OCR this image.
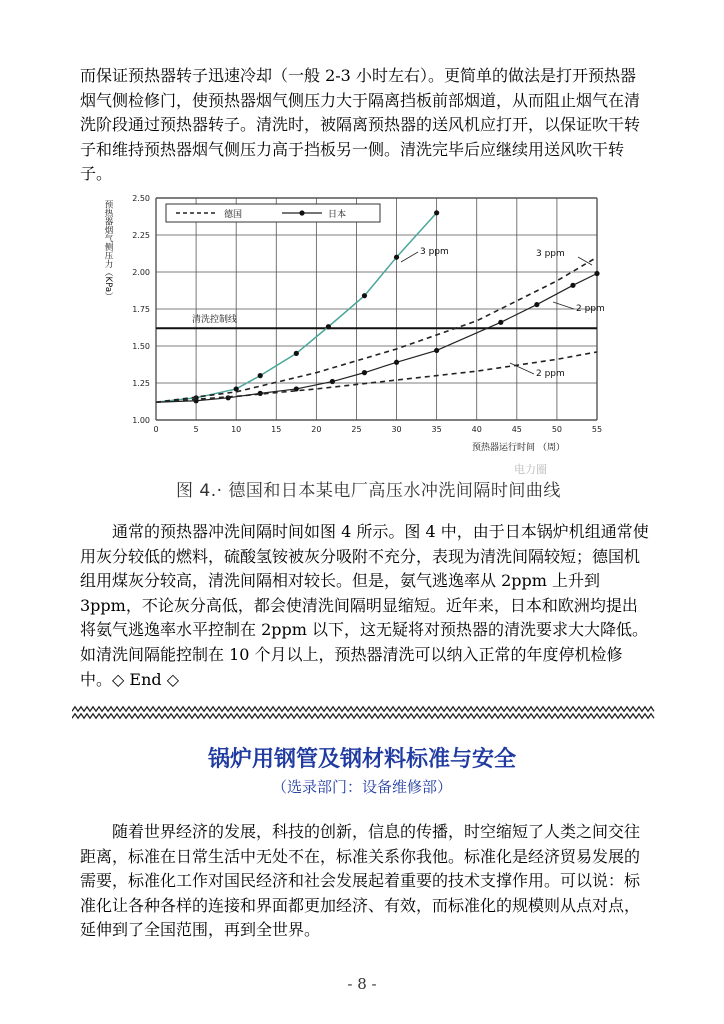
而保证预热器转子迅速冷却（一般 2-3 小时左右）。更简单的做法是打开预热器烟气侧检修门，使预热器烟气侧压力大于隔离挡板前部烟道，从而阻止烟气在清洗阶段通过预热器转子。清洗时，被隔离预热器的送风机应打开，以保证吹干转子和维持预热器烟气侧压力高于挡板另一侧。清洗完毕后应继续用送风吹干转子。

0	5	10	15	20	25	30	35	40	45	50	55
1.00
1.25
1.50
1.75
2.00
2.25
2.50
清洗控制线
3 ppm
2 ppm
3 ppm
2 ppm
德国	日本
预热器烟气侧压力（KPa）
预热器运行时间 （周）
电力圈
图 4.· 德国和日本某电厂高压水冲洗间隔时间曲线

通常的预热器冲洗间隔时间如图 4 所示。图 4 中，由于日本锅炉机组通常使用灰分较低的燃料，硫酸氢铵被灰分吸附不充分，表现为清洗间隔较短；德国机组用煤灰分较高，清洗间隔相对较长。但是，氨气逃逸率从 2ppm 上升到 3ppm，不论灰分高低，都会使清洗间隔明显缩短。近年来，日本和欧洲均提出将氨气逃逸率水平控制在 2ppm 以下，这无疑将对预热器的清洗要求大大降低。如清洗间隔能控制在 10 个月以上，预热器清洗可以纳入正常的年度停机检修中。◇ End ◇

锅炉用钢管及钢材料标准与安全
（选录部门：设备维修部）

随着世界经济的发展，科技的创新，信息的传播，时空缩短了人类之间交往距离，标准在日常生活中无处不在，标准关系你我他。标准化是经济贸易发展的需要，标准化工作对国民经济和社会发展起着重要的技术支撑作用。可以说：标准化让各种各样的连接和界面都更加经济、有效，而标准化的规模则从点对点，延伸到了全国范围，再到全世界。

- 8 -
